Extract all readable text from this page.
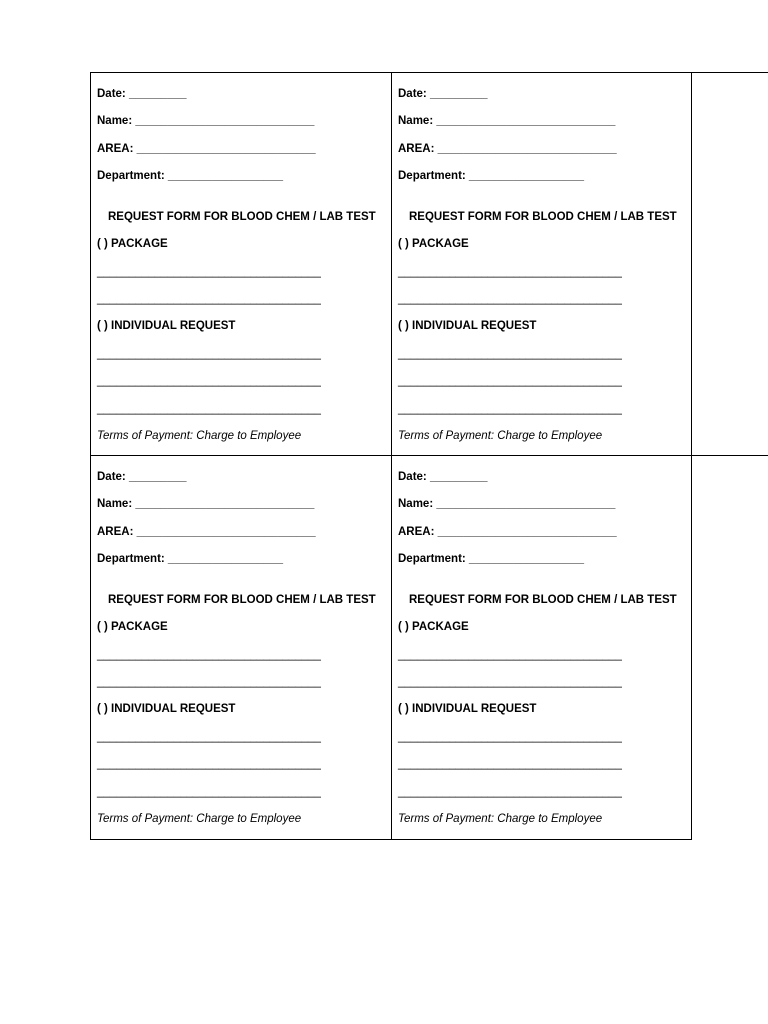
Date: _________
Name: ____________________________
AREA: ____________________________
Department: __________________
REQUEST FORM FOR BLOOD CHEM / LAB TEST
( ) PACKAGE
___________________________________
___________________________________
( ) INDIVIDUAL REQUEST
___________________________________
___________________________________
___________________________________
Terms of Payment: Charge to Employee
Date: _________
Name: ____________________________
AREA: ____________________________
Department: __________________
REQUEST FORM FOR BLOOD CHEM / LAB TEST
( ) PACKAGE
___________________________________
___________________________________
( ) INDIVIDUAL REQUEST
___________________________________
___________________________________
___________________________________
Terms of Payment: Charge to Employee
Date: _________
Name: ____________________________
AREA: ____________________________
Department: __________________
REQUEST FORM FOR BLOOD CHEM / LAB TEST
( ) PACKAGE
___________________________________
___________________________________
( ) INDIVIDUAL REQUEST
___________________________________
___________________________________
___________________________________
Terms of Payment: Charge to Employee
Date: _________
Name: ____________________________
AREA: ____________________________
Department: __________________
REQUEST FORM FOR BLOOD CHEM / LAB TEST
( ) PACKAGE
___________________________________
___________________________________
( ) INDIVIDUAL REQUEST
___________________________________
___________________________________
___________________________________
Terms of Payment: Charge to Employee
